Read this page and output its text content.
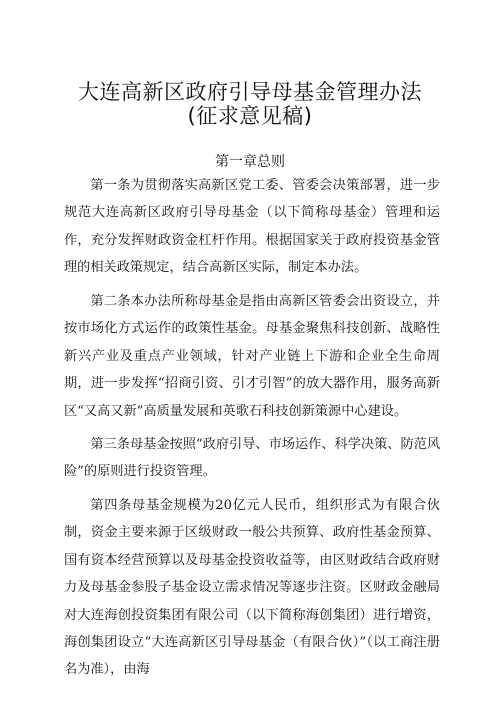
大连高新区政府引导母基金管理办法
(征求意见稿)
第一章总则

第一条为贯彻落实高新区党工委、管委会决策部署，进一步规范大连高新区政府引导母基金（以下简称母基金）管理和运作，充分发挥财政资金杠杆作用。根据国家关于政府投资基金管理的相关政策规定，结合高新区实际，制定本办法。

第二条本办法所称母基金是指由高新区管委会出资设立，并按市场化方式运作的政策性基金。母基金聚焦科技创新、战略性新兴产业及重点产业领域，针对产业链上下游和企业全生命周期，进一步发挥“招商引资、引才引智”的放大器作用，服务高新区“又高又新”高质量发展和英歌石科技创新策源中心建设。

第三条母基金按照“政府引导、市场运作、科学决策、防范风险”的原则进行投资管理。

第四条母基金规模为20亿元人民币，组织形式为有限合伙制，资金主要来源于区级财政一般公共预算、政府性基金预算、国有资本经营预算以及母基金投资收益等，由区财政结合政府财力及母基金参股子基金设立需求情况等逐步注资。区财政金融局对大连海创投资集团有限公司（以下简称海创集团）进行增资，海创集团设立“大连高新区引导母基金（有限合伙）”（以工商注册名为准），由海
